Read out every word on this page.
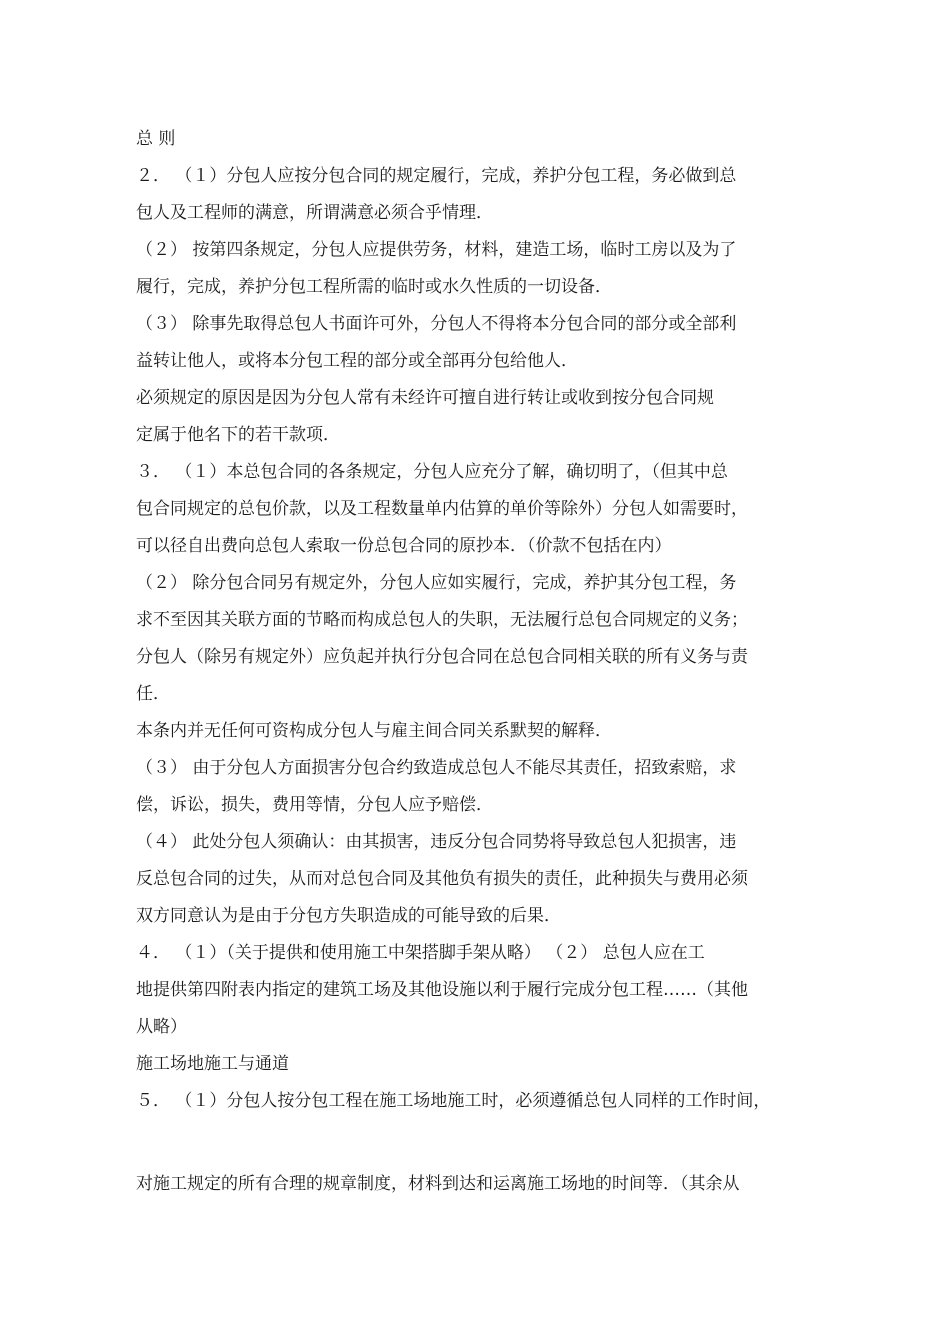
总 则
２． （１）分包人应按分包合同的规定履行，完成，养护分包工程，务必做到总
包人及工程师的满意，所谓满意必须合乎情理．
（２） 按第四条规定，分包人应提供劳务，材料，建造工场，临时工房以及为了
履行，完成，养护分包工程所需的临时或水久性质的一切设备．
（３） 除事先取得总包人书面许可外，分包人不得将本分包合同的部分或全部利
益转让他人，或将本分包工程的部分或全部再分包给他人．
必须规定的原因是因为分包人常有未经许可擅自进行转让或收到按分包合同规
定属于他名下的若干款项．
３． （１）本总包合同的各条规定，分包人应充分了解，确切明了，（但其中总
包合同规定的总包价款，以及工程数量单内估算的单价等除外）分包人如需要时，
可以径自出费向总包人索取一份总包合同的原抄本．（价款不包括在内）
（２） 除分包合同另有规定外，分包人应如实履行，完成，养护其分包工程，务
求不至因其关联方面的节略而构成总包人的失职，无法履行总包合同规定的义务；
分包人（除另有规定外）应负起并执行分包合同在总包合同相关联的所有义务与责
任．
本条内并无任何可资构成分包人与雇主间合同关系默契的解释．
（３） 由于分包人方面损害分包合约致造成总包人不能尽其责任，招致索赔，求
偿，诉讼，损失，费用等情，分包人应予赔偿．
（４） 此处分包人须确认：由其损害，违反分包合同势将导致总包人犯损害，违
反总包合同的过失，从而对总包合同及其他负有损失的责任，此种损失与费用必须
双方同意认为是由于分包方失职造成的可能导致的后果．
４． （１）（关于提供和使用施工中架搭脚手架从略） （２） 总包人应在工
地提供第四附表内指定的建筑工场及其他设施以利于履行完成分包工程……（其他
从略）
施工场地施工与通道
５． （１）分包人按分包工程在施工场地施工时，必须遵循总包人同样的工作时间，
对施工规定的所有合理的规章制度，材料到达和运离施工场地的时间等．（其余从
